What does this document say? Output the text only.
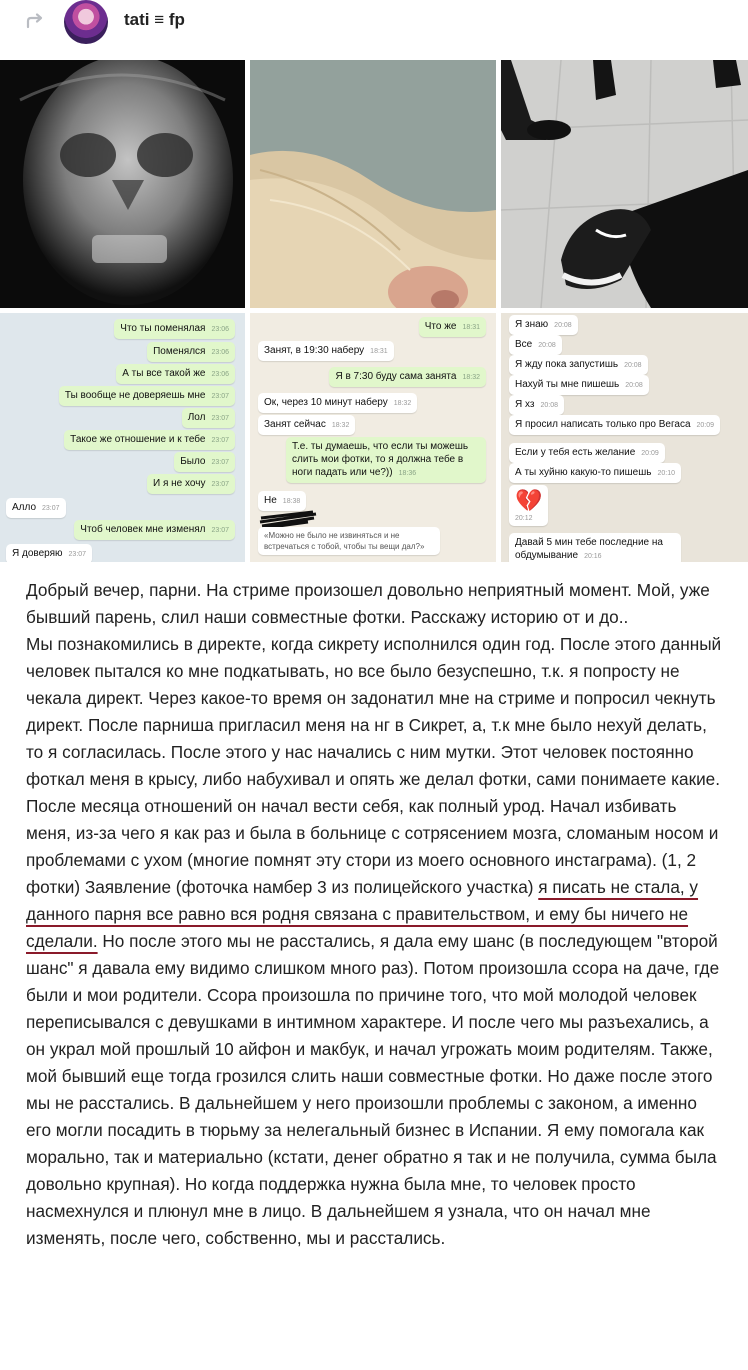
tati ≡ fp
Что ты поменялая 23:06
Поменялся 23:06
А ты все такой же 23:06
Ты вообще не доверяешь мне 23:07
Лол 23:07
Такое же отношение и к тебе 23:07
Было 23:07
И я не хочу 23:07
Алло 23:07
Чтоб человек мне изменял 23:07
Я доверяю 23:07
Что же 18:31
Занят, в 19:30 наберу 18:31
Я в 7:30 буду сама занята 18:32
Ок, через 10 минут наберу 18:32
Занят сейчас 18:32
Т.е. ты думаешь, что если ты можешь слить мои фотки, то я должна тебе в ноги падать или че?)) 18:36
Не 18:38
«Можно не было не извиняться и не встречаться с тобой, чтобы ты вещи дал?»
Я знаю 20:08
Все 20:08
Я жду пока запустишь 20:08
Нахуй ты мне пишешь 20:08
Я хз 20:08
Я просил написать только про Вегаса 20:09
Если у тебя есть желание 20:09
А ты хуйню какую-то пишешь 20:10
💔
20:12
Давай 5 мин тебе последние на обдумывание 20:16

Добрый вечер, парни. На стриме произошел довольно неприятный момент. Мой, уже бывший парень, слил наши совместные фотки. Расскажу историю от и до..

Мы познакомились в директе, когда сикрету исполнился один год. После этого данный человек пытался ко мне подкатывать, но все было безуспешно, т.к. я попросту не чекала директ. Через какое-то время он задонатил мне на стриме и попросил чекнуть директ. После парниша пригласил меня на нг в Сикрет, а, т.к мне было нехуй делать, то я согласилась. После этого у нас начались с ним мутки. Этот человек постоянно фоткал меня в крысу, либо набухивал и опять же делал фотки, сами понимаете какие. После месяца отношений он начал вести себя, как полный урод. Начал избивать меня, из-за чего я как раз и была в больнице с сотрясением мозга, сломаным носом и проблемами с ухом (многие помнят эту стори из моего основного инстаграма). (1, 2 фотки) Заявление (фоточка намбер 3 из полицейского участка) я писать не стала, у данного парня все равно вся родня связана с правительством, и ему бы ничего не сделали. Но после этого мы не расстались, я дала ему шанс (в последующем "второй шанс" я давала ему видимо слишком много раз). Потом произошла ссора на даче, где были и мои родители. Ссора произошла по причине того, что мой молодой человек переписывался с девушками в интимном характере. И после чего мы разъехались, а он украл мой прошлый 10 айфон и макбук, и начал угрожать моим родителям. Также, мой бывший еще тогда грозился слить наши совместные фотки. Но даже после этого мы не расстались. В дальнейшем у него произошли проблемы с законом, а именно его могли посадить в тюрьму за нелегальный бизнес в Испании. Я ему помогала как морально, так и материально (кстати, денег обратно я так и не получила, сумма была довольно крупная). Но когда поддержка нужна была мне, то человек просто насмехнулся и плюнул мне в лицо. В дальнейшем я узнала, что он начал мне изменять, после чего, собственно, мы и расстались.
